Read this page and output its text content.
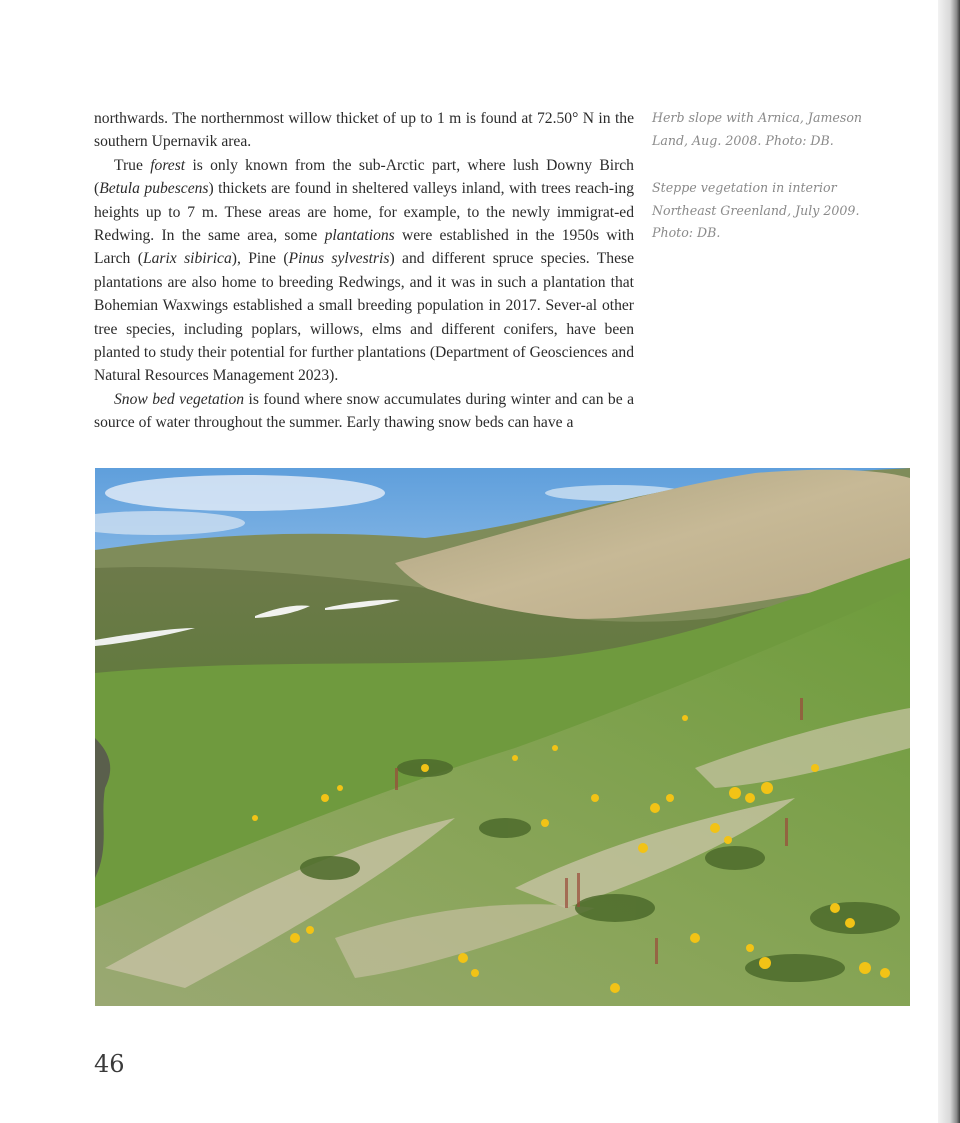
northwards. The northernmost willow thicket of up to 1 m is found at 72.50° N in the southern Upernavik area.

True forest is only known from the sub-Arctic part, where lush Downy Birch (Betula pubescens) thickets are found in sheltered valleys inland, with trees reach-ing heights up to 7 m. These areas are home, for example, to the newly immigrat-ed Redwing. In the same area, some plantations were established in the 1950s with Larch (Larix sibirica), Pine (Pinus sylvestris) and different spruce species. These plantations are also home to breeding Redwings, and it was in such a plantation that Bohemian Waxwings established a small breeding population in 2017. Sever-al other tree species, including poplars, willows, elms and different conifers, have been planted to study their potential for further plantations (Department of Geosciences and Natural Resources Management 2023).

Snow bed vegetation is found where snow accumulates during winter and can be a source of water throughout the summer. Early thawing snow beds can have a

Herb slope with Arnica, Jameson Land, Aug. 2008. Photo: DB.
Steppe vegetation in interior Northeast Greenland, July 2009. Photo: DB.
46
